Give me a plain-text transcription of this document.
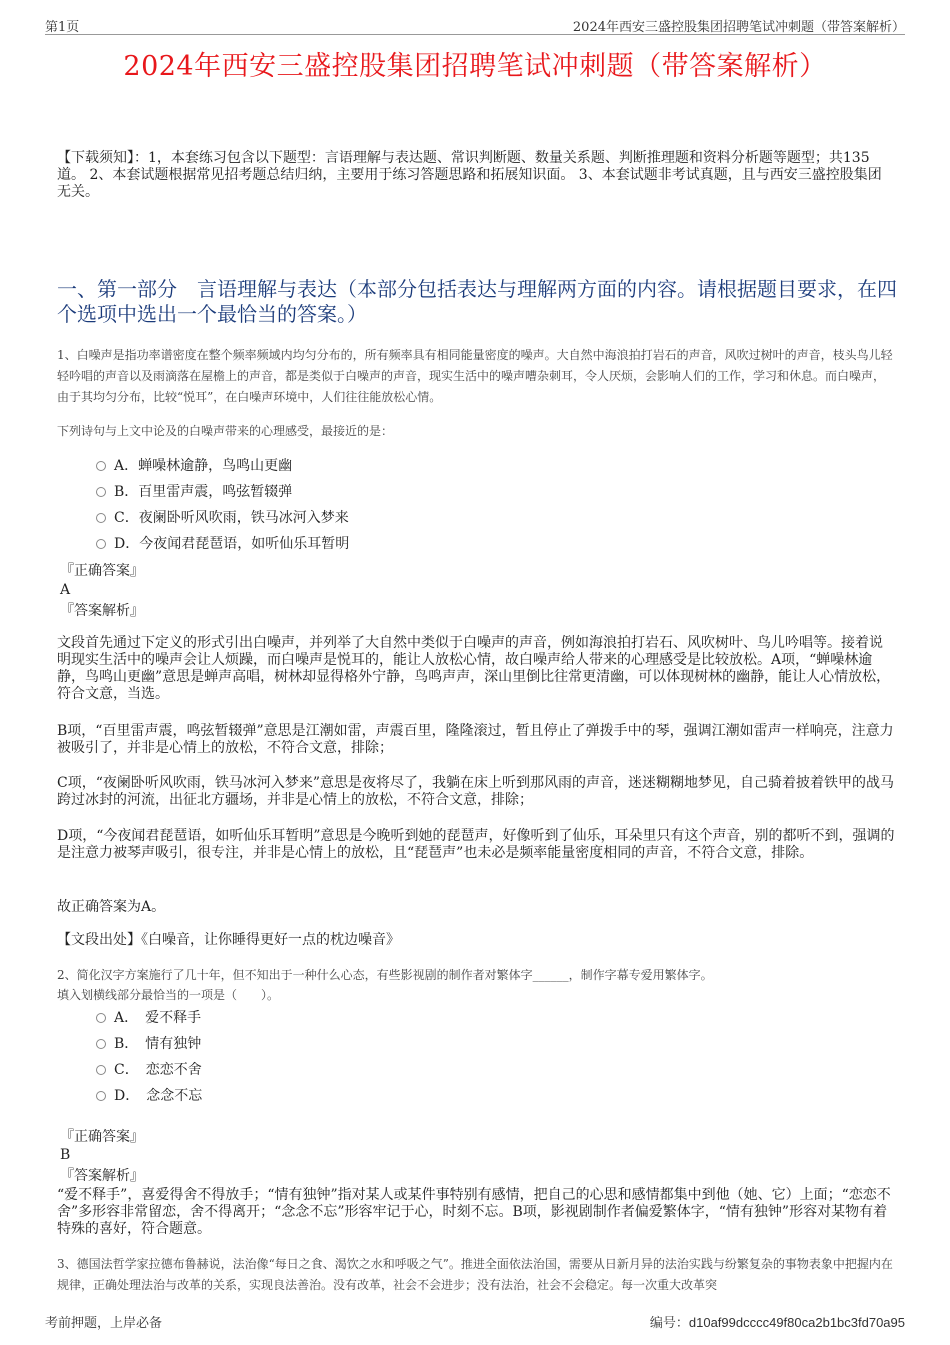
第1页	2024年西安三盛控股集团招聘笔试冲刺题（带答案解析）
2024年西安三盛控股集团招聘笔试冲刺题（带答案解析）
【下载须知】：1，本套练习包含以下题型：言语理解与表达题、常识判断题、数量关系题、判断推理题和资料分析题等题型；共135道。 2、本套试题根据常见招考题总结归纳，主要用于练习答题思路和拓展知识面。 3、本套试题非考试真题，且与西安三盛控股集团无关。
一、第一部分　言语理解与表达（本部分包括表达与理解两方面的内容。请根据题目要求，在四个选项中选出一个最恰当的答案。）
1、白噪声是指功率谱密度在整个频率频域内均匀分布的，所有频率具有相同能量密度的噪声。大自然中海浪拍打岩石的声音，风吹过树叶的声音，枝头鸟儿轻轻吟唱的声音以及雨滴落在屋檐上的声音，都是类似于白噪声的声音，现实生活中的噪声嘈杂刺耳，令人厌烦，会影响人们的工作，学习和休息。而白噪声，由于其均匀分布，比较“悦耳”，在白噪声环境中，人们往往能放松心情。
下列诗句与上文中论及的白噪声带来的心理感受，最接近的是：
A．蝉噪林逾静，鸟鸣山更幽
B．百里雷声震，鸣弦暂辍弹
C．夜阑卧听风吹雨，铁马冰河入梦来
D．今夜闻君琵琶语，如听仙乐耳暂明
『正确答案』
A
『答案解析』
文段首先通过下定义的形式引出白噪声，并列举了大自然中类似于白噪声的声音，例如海浪拍打岩石、风吹树叶、鸟儿吟唱等。接着说明现实生活中的噪声会让人烦躁，而白噪声是悦耳的，能让人放松心情，故白噪声给人带来的心理感受是比较放松。A项，“蝉噪林逾静，鸟鸣山更幽”意思是蝉声高唱，树林却显得格外宁静，鸟鸣声声，深山里倒比往常更清幽，可以体现树林的幽静，能让人心情放松，符合文意，当选。
B项，“百里雷声震，鸣弦暂辍弹”意思是江潮如雷，声震百里，隆隆滚过，暂且停止了弹拨手中的琴，强调江潮如雷声一样响亮，注意力被吸引了，并非是心情上的放松，不符合文意，排除；
C项，“夜阑卧听风吹雨，铁马冰河入梦来”意思是夜将尽了，我躺在床上听到那风雨的声音，迷迷糊糊地梦见，自己骑着披着铁甲的战马跨过冰封的河流，出征北方疆场，并非是心情上的放松，不符合文意，排除；
D项，“今夜闻君琵琶语，如听仙乐耳暂明”意思是今晚听到她的琵琶声，好像听到了仙乐，耳朵里只有这个声音，别的都听不到，强调的是注意力被琴声吸引，很专注，并非是心情上的放松，且“琵琶声”也未必是频率能量密度相同的声音，不符合文意，排除。
故正确答案为A。
【文段出处】《白噪音，让你睡得更好一点的枕边噪音》
2、简化汉字方案施行了几十年，但不知出于一种什么心态，有些影视剧的制作者对繁体字______，制作字幕专爱用繁体字。
填入划横线部分最恰当的一项是（　　）。
A．　爱不释手
B．　情有独钟
C．　恋恋不舍
D．　念念不忘
『正确答案』
B
『答案解析』
“爱不释手”，喜爱得舍不得放手；“情有独钟”指对某人或某件事特别有感情，把自己的心思和感情都集中到他（她、它）上面；“恋恋不舍”多形容非常留恋，舍不得离开；“念念不忘”形容牢记于心，时刻不忘。B项，影视剧制作者偏爱繁体字，“情有独钟”形容对某物有着特殊的喜好，符合题意。
3、德国法哲学家拉德布鲁赫说，法治像“每日之食、渴饮之水和呼吸之气”。推进全面依法治国，需要从日新月异的法治实践与纷繁复杂的事物表象中把握内在规律，正确处理法治与改革的关系，实现良法善治。没有改革，社会不会进步；没有法治，社会不会稳定。每一次重大改革突
考前押题，上岸必备	编号：d10af99dcccc49f80ca2b1bc3fd70a95
